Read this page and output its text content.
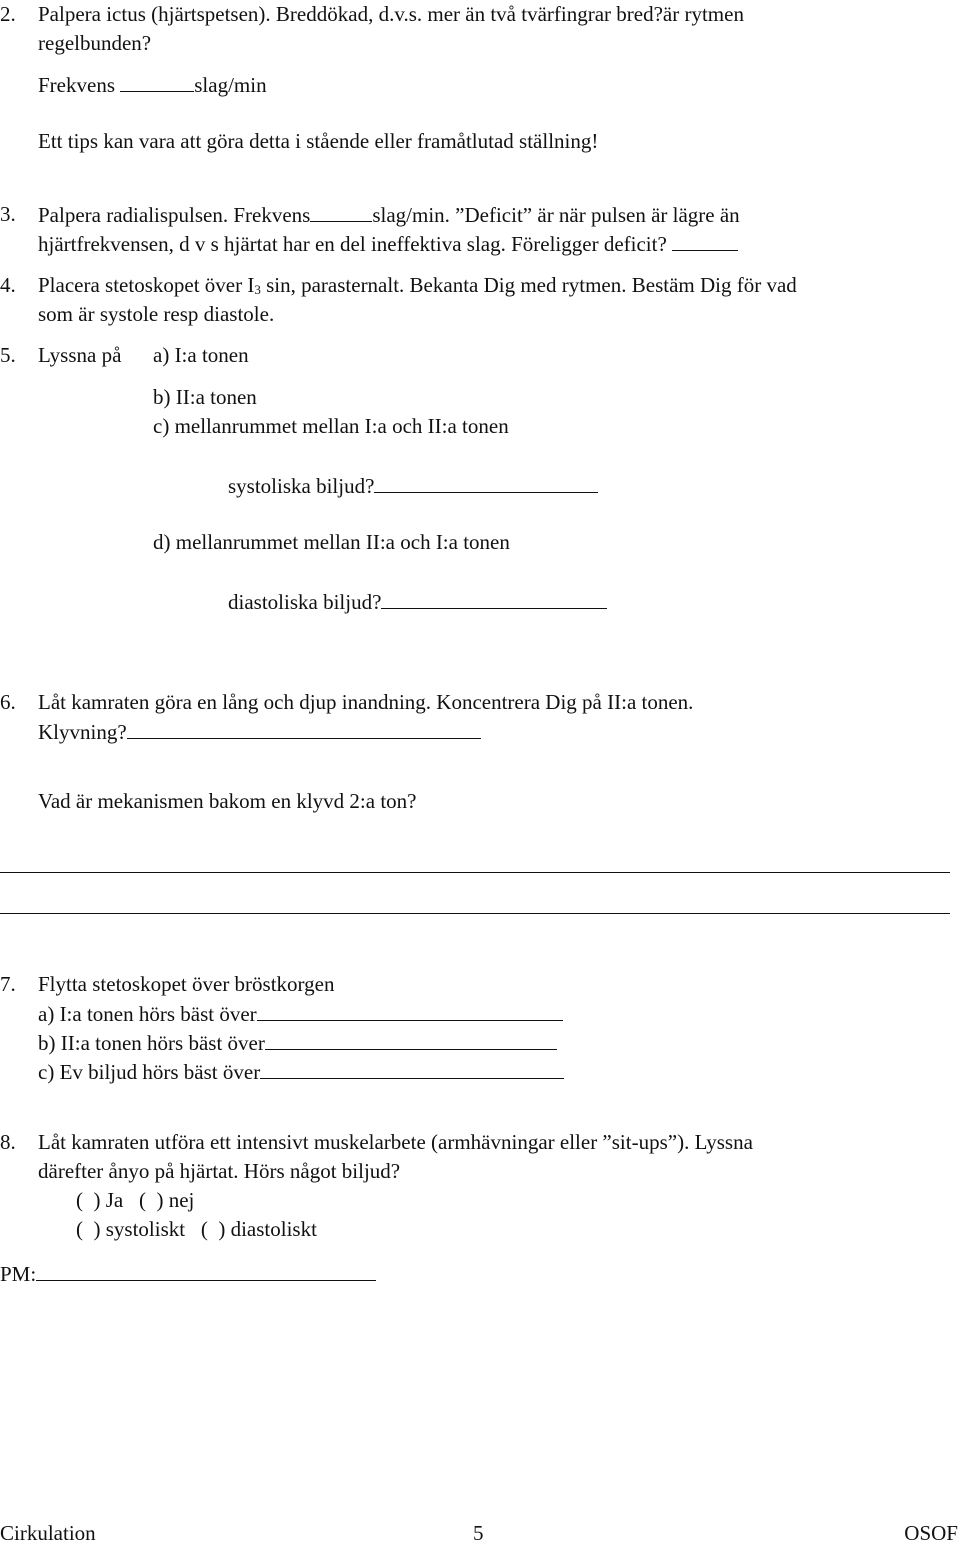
2. Palpera ictus (hjärtspetsen). Breddökad, d.v.s. mer än två tvärfingrar bred?är rytmen
regelbunden?
Frekvens	slag/min
Ett tips kan vara att göra detta i stående eller framåtlutad ställning!
3. Palpera radialispulsen. Frekvens	slag/min. ”Deficit” är när pulsen är lägre än
hjärtfrekvensen, d v s hjärtat har en del ineffektiva slag. Föreligger deficit?
4. Placera stetoskopet över $I_3$ sin, parasternalt. Bekanta Dig med rytmen. Bestäm Dig för vad
som är systole resp diastole.
5. Lyssna på a) I:a tonen
b) II:a tonen
c) mellanrummet mellan I:a och II:a tonen
systoliska biljud?
d) mellanrummet mellan II:a och I:a tonen
diastoliska biljud?
6. Låt kamraten göra en lång och djup inandning. Koncentrera Dig på II:a tonen.
Klyvning?
Vad är mekanismen bakom en klyvd 2:a ton?
7. Flytta stetoskopet över bröstkorgen
a) I:a tonen hörs bäst över
b) II:a tonen hörs bäst över
c) Ev biljud hörs bäst över
8. Låt kamraten utföra ett intensivt muskelarbete (armhävningar eller ”sit-ups”). Lyssna
därefter ånyo på hjärtat. Hörs något biljud?
(  ) Ja   (  ) nej
(  ) systoliskt   (  ) diastoliskt
PM:
Cirkulation	5	OSOF
